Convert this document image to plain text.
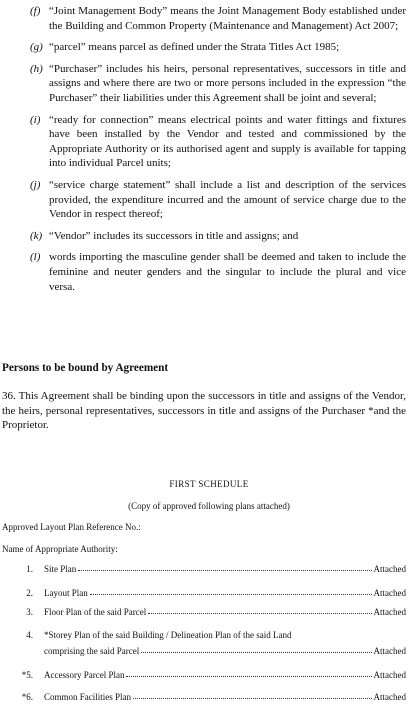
(f) “Joint Management Body” means the Joint Management Body established under the Building and Common Property (Maintenance and Management) Act 2007;
(g) “parcel” means parcel as defined under the Strata Titles Act 1985;
(h) “Purchaser” includes his heirs, personal representatives, successors in title and assigns and where there are two or more persons included in the expression “the Purchaser” their liabilities under this Agreement shall be joint and several;
(i) “ready for connection” means electrical points and water fittings and fixtures have been installed by the Vendor and tested and commissioned by the Appropriate Authority or its authorised agent and supply is available for tapping into individual Parcel units;
(j) “service charge statement” shall include a list and description of the services provided, the expenditure incurred and the amount of service charge due to the Vendor in respect thereof;
(k) “Vendor” includes its successors in title and assigns; and
(l) words importing the masculine gender shall be deemed and taken to include the feminine and neuter genders and the singular to include the plural and vice versa.
Persons to be bound by Agreement
36. This Agreement shall be binding upon the successors in title and assigns of the Vendor, the heirs, personal representatives, successors in title and assigns of the Purchaser *and the Proprietor.
FIRST SCHEDULE
(Copy of approved following plans attached)
Approved Layout Plan Reference No.:
Name of Appropriate Authority:
1. Site Plan	Attached
2. Layout Plan	Attached
3. Floor Plan of the said Parcel	Attached
4. *Storey Plan of the said Building / Delineation Plan of the said Land
comprising the said Parcel	Attached
*5. Accessory Parcel Plan	Attached
*6. Common Facilities Plan	Attached
